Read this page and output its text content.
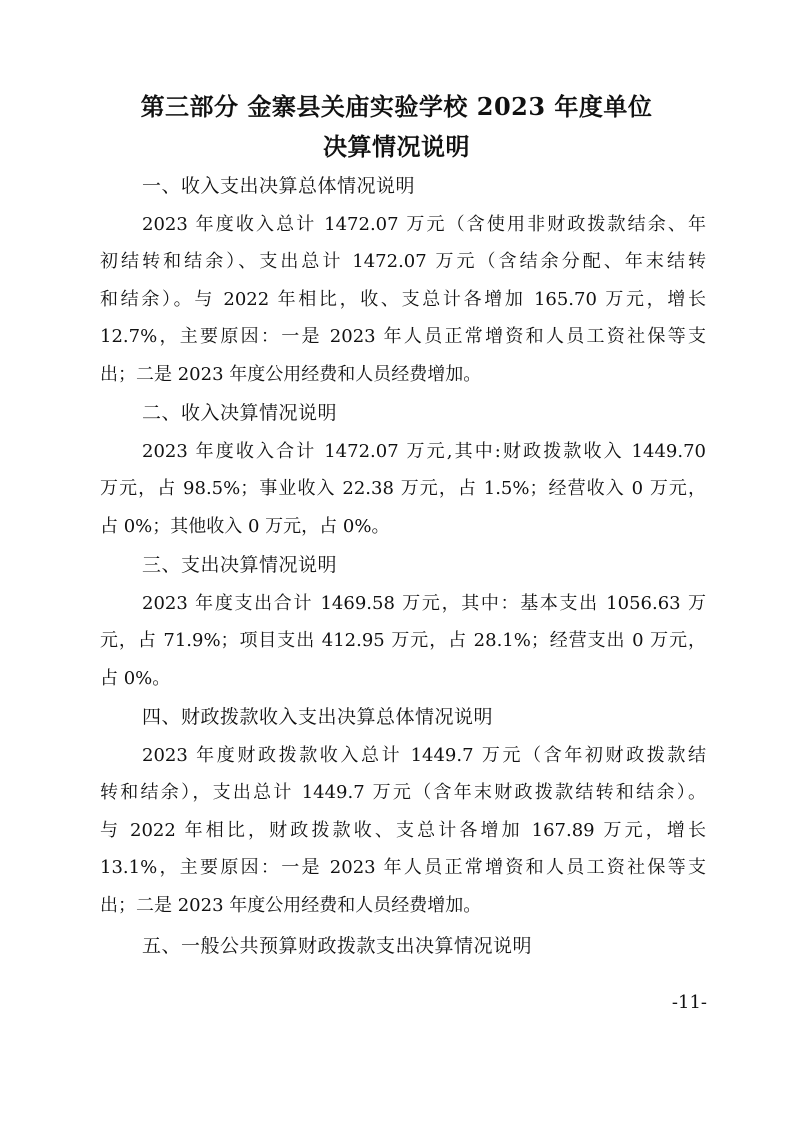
第三部分 金寨县关庙实验学校 2023 年度单位
决算情况说明
一、收入支出决算总体情况说明
2023 年度收入总计 1472.07 万元（含使用非财政拨款结余、年
初结转和结余）、支出总计 1472.07 万元（含结余分配、年末结转
和结余）。与 2022 年相比，收、支总计各增加 165.70 万元，增长
12.7%，主要原因：一是 2023 年人员正常增资和人员工资社保等支
出；二是 2023 年度公用经费和人员经费增加。
二、收入决算情况说明
2023 年度收入合计 1472.07 万元,其中:财政拨款收入 1449.70
万元，占 98.5%；事业收入 22.38 万元，占 1.5%；经营收入 0 万元，
占 0%；其他收入 0 万元，占 0%。
三、支出决算情况说明
2023 年度支出合计 1469.58 万元，其中：基本支出 1056.63 万
元，占 71.9%；项目支出 412.95 万元，占 28.1%；经营支出 0 万元，
占 0%。
四、财政拨款收入支出决算总体情况说明
2023 年度财政拨款收入总计 1449.7 万元（含年初财政拨款结
转和结余），支出总计 1449.7 万元（含年末财政拨款结转和结余）。
与 2022 年相比，财政拨款收、支总计各增加 167.89 万元，增长
13.1%，主要原因：一是 2023 年人员正常增资和人员工资社保等支
出；二是 2023 年度公用经费和人员经费增加。
五、一般公共预算财政拨款支出决算情况说明
-11-
